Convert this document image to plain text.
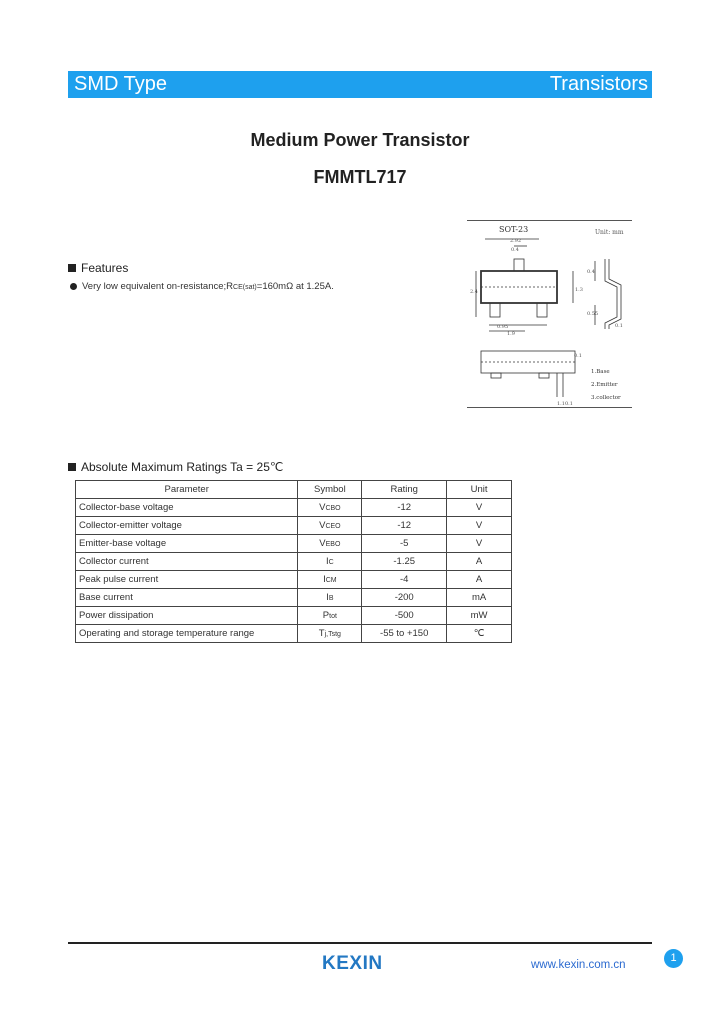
SMD Type	Transistors
Medium Power Transistor
FMMTL717
Features
Very low equivalent on-resistance;RCE(sat)=160mΩ at 1.25A.
SOT-23	Unit: mm
2.92
0.4
2.4	1.3
0.95
1.9
0.4
0.55
0.1
0.1
1.1 0.1
1.Base
2.Emitter
3.collector
Absolute Maximum Ratings Ta = 25℃
Parameter	Symbol	Rating	Unit
Collector-base voltage	VCBO	-12	V
Collector-emitter voltage	VCEO	-12	V
Emitter-base voltage	VEBO	-5	V
Collector current	IC	-1.25	A
Peak pulse current	ICM	-4	A
Base current	IB	-200	mA
Power dissipation	Ptot	-500	mW
Operating and storage temperature range	Tj,Tstg	-55 to +150	℃
KEXIN	www.kexin.com.cn
1
